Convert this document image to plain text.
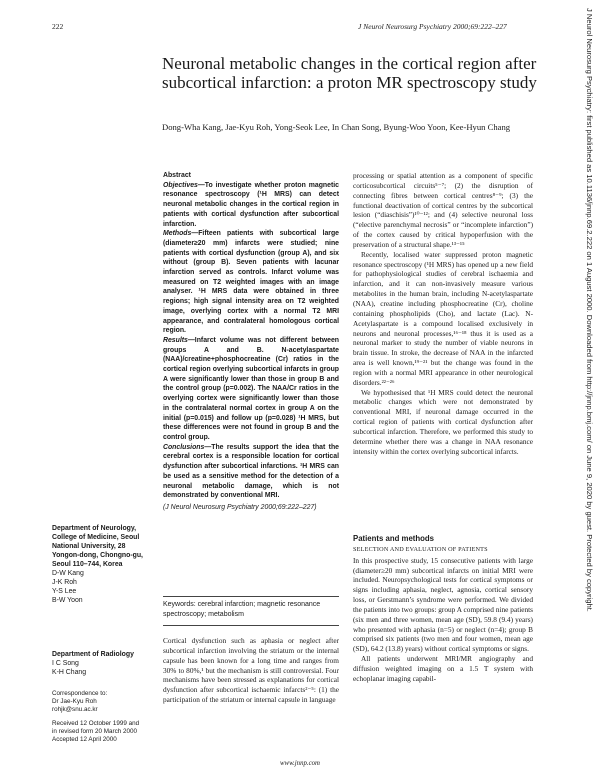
222	J Neurol Neurosurg Psychiatry 2000;69:222–227	J Neurol Neurosurg Psychiatry: first published as 10.1136/jnnp.69.2.222 on 1 August 2000. Downloaded from http://jnnp.bmj.com/ on June 9, 2020 by guest. Protected by copyright.
Neuronal metabolic changes in the cortical region after subcortical infarction: a proton MR spectroscopy study
Dong-Wha Kang, Jae-Kyu Roh, Yong-Seok Lee, In Chan Song, Byung-Woo Yoon, Kee-Hyun Chang
Abstract

Objectives—To investigate whether proton magnetic resonance spectroscopy (¹H MRS) can detect neuronal metabolic changes in the cortical region in patients with cortical dysfunction after subcortical infarction.

Methods—Fifteen patients with subcortical large (diameter≥20 mm) infarcts were studied; nine patients with cortical dysfunction (group A), and six without (group B). Seven patients with lacunar infarction served as controls. Infarct volume was measured on T2 weighted images with an image analyser. ¹H MRS data were obtained in three regions; high signal intensity area on T2 weighted image, overlying cortex with a normal T2 MRI appearance, and contralateral homologous cortical region.

Results—Infarct volume was not different between groups A and B. N-acetylaspartate (NAA)/creatine+phosphocreatine (Cr) ratios in the cortical region overlying subcortical infarcts in group A were significantly lower than those in group B and the control group (p=0.002). The NAA/Cr ratios in the overlying cortex were significantly lower than those in the contralateral normal cortex in group A on the initial (p=0.015) and follow up (p=0.028) ¹H MRS, but these differences were not found in group B and the control group.

Conclusions—The results support the idea that the cerebral cortex is a responsible location for cortical dysfunction after subcortical infarctions. ¹H MRS can be used as a sensitive method for the detection of a neuronal metabolic damage, which is not demonstrated by conventional MRI.

(J Neurol Neurosurg Psychiatry 2000;69:222–227)
Keywords: cerebral infarction; magnetic resonance spectroscopy; metabolism

Cortical dysfunction such as aphasia or neglect after subcortical infarction involving the striatum or the internal capsule has been known for a long time and ranges from 30% to 80%,¹ but the mechanism is still controversial. Four mechanisms have been stressed as explanations for cortical dysfunction after subcortical ischaemic infarcts²⁻⁵: (1) the participation of the striatum or internal capsule in language

processing or spatial attention as a component of specific corticosubcortical circuits⁵⁻⁷; (2) the disruption of connecting fibres between cortical centres⁸⁻⁹; (3) the functional deactivation of cortical centres by the subcortical lesion (“diaschisis”)¹⁰⁻¹²; and (4) selective neuronal loss (“elective parenchymal necrosis” or “incomplete infarction”) of the cortex caused by critical hypoperfusion with the preservation of a structural shape.¹³⁻¹⁵

Recently, localised water suppressed proton magnetic resonance spectroscopy (¹H MRS) has opened up a new field for pathophysiological studies of cerebral ischaemia and infarction, and it can non-invasively measure various metabolites in the human brain, including N-acetylaspartate (NAA), creatine including phosphocreatine (Cr), choline containing phospholipids (Cho), and lactate (Lac). N-Acetylaspartate is a compound localised exclusively in neurons and neuronal processes,¹⁶⁻¹⁸ thus it is used as a neuronal marker to study the number of viable neurons in brain tissue. In stroke, the decrease of NAA in the infarcted area is well known,¹⁹⁻²¹ but the change was found in the region with a normal MRI appearance in other neurological disorders.²²⁻²⁶

We hypothesised that ¹H MRS could detect the neuronal metabolic changes which were not demonstrated by conventional MRI, if neuronal damage occurred in the cortical region of patients with cortical dysfunction after subcortical infarction. Therefore, we performed this study to determine whether there was a change in NAA resonance intensity within the cortex overlying subcortical infarcts.

Patients and methods
SELECTION AND EVALUATION OF PATIENTS

In this prospective study, 15 consecutive patients with large (diameter≥20 mm) subcortical infarcts on initial MRI were included. Neuropsychological tests for cortical symptoms or signs including aphasia, neglect, agnosia, cortical sensory loss, or Gerstmann’s syndrome were performed. We divided the patients into two groups: group A comprised nine patients (six men and three women, mean age (SD), 59.8 (9.4) years) who presented with aphasia (n=5) or neglect (n=4); group B comprised six patients (two men and four women, mean age (SD), 64.2 (13.8) years) without cortical symptoms or signs.

All patients underwent MRI/MR angiography and diffusion weighted imaging on a 1.5 T system with echoplanar imaging capabil-

Department of Neurology, College of Medicine, Seoul National University, 28 Yongon-dong, Chongno-gu, Seoul 110–744, Korea
D-W Kang
J-K Roh
Y-S Lee
B-W Yoon
Department of Radiology
I C Song
K-H Chang
Correspondence to:
Dr Jae-Kyu Roh
rohjk@snu.ac.kr
Received 12 October 1999 and in revised form 20 March 2000
Accepted 12 April 2000
www.jnnp.com
